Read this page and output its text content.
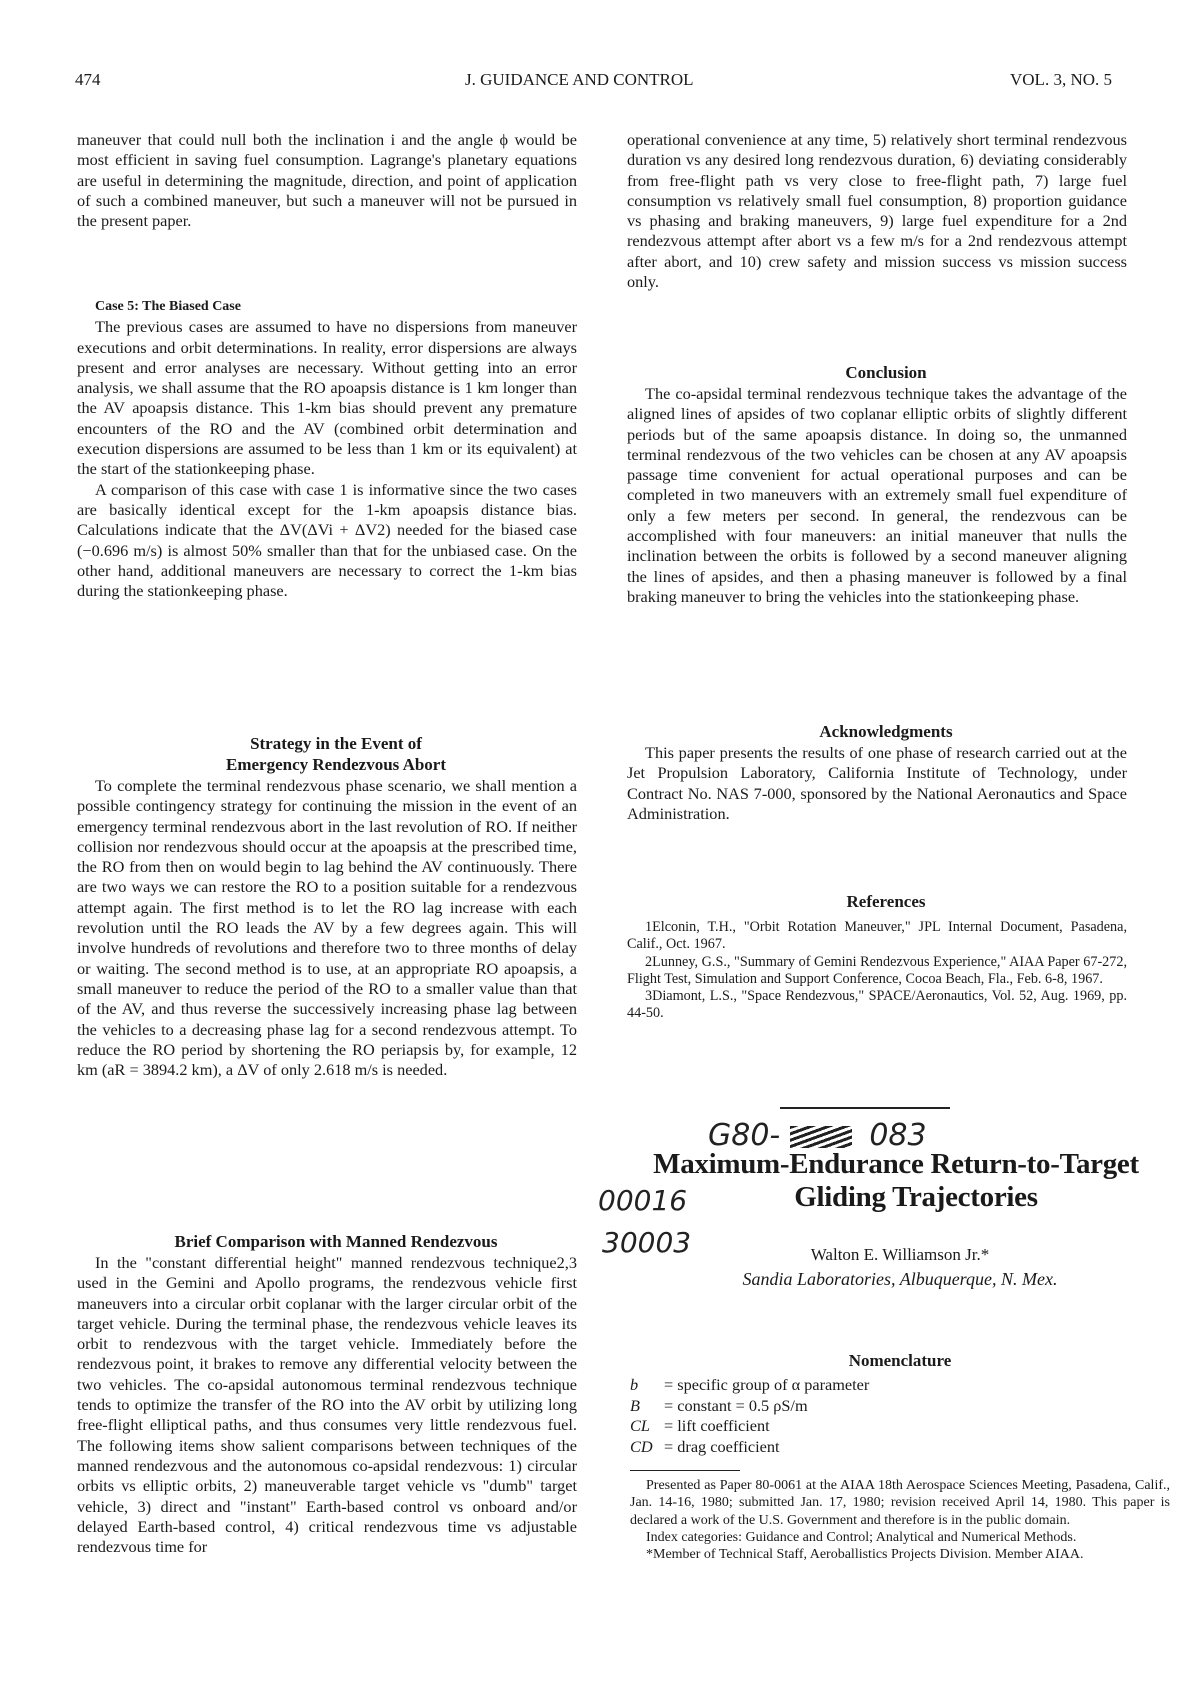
474	J. GUIDANCE AND CONTROL	VOL. 3, NO. 5

maneuver that could null both the inclination i and the angle ϕ would be most efficient in saving fuel consumption. Lagrange's planetary equations are useful in determining the magnitude, direction, and point of application of such a combined maneuver, but such a maneuver will not be pursued in the present paper.

Case 5: The Biased Case

The previous cases are assumed to have no dispersions from maneuver executions and orbit determinations. In reality, error dispersions are always present and error analyses are necessary. Without getting into an error analysis, we shall assume that the RO apoapsis distance is 1 km longer than the AV apoapsis distance. This 1-km bias should prevent any premature encounters of the RO and the AV (combined orbit determination and execution dispersions are assumed to be less than 1 km or its equivalent) at the start of the stationkeeping phase.

A comparison of this case with case 1 is informative since the two cases are basically identical except for the 1-km apoapsis distance bias. Calculations indicate that the ΔV(ΔVi + ΔV2) needed for the biased case (−0.696 m/s) is almost 50% smaller than that for the unbiased case. On the other hand, additional maneuvers are necessary to correct the 1-km bias during the stationkeeping phase.

Strategy in the Event of

Emergency Rendezvous Abort

To complete the terminal rendezvous phase scenario, we shall mention a possible contingency strategy for continuing the mission in the event of an emergency terminal rendezvous abort in the last revolution of RO. If neither collision nor rendezvous should occur at the apoapsis at the prescribed time, the RO from then on would begin to lag behind the AV continuously. There are two ways we can restore the RO to a position suitable for a rendezvous attempt again. The first method is to let the RO lag increase with each revolution until the RO leads the AV by a few degrees again. This will involve hundreds of revolutions and therefore two to three months of delay or waiting. The second method is to use, at an appropriate RO apoapsis, a small maneuver to reduce the period of the RO to a smaller value than that of the AV, and thus reverse the successively increasing phase lag between the vehicles to a decreasing phase lag for a second rendezvous attempt. To reduce the RO period by shortening the RO periapsis by, for example, 12 km (aR = 3894.2 km), a ΔV of only 2.618 m/s is needed.

Brief Comparison with Manned Rendezvous

In the "constant differential height" manned rendezvous technique2,3 used in the Gemini and Apollo programs, the rendezvous vehicle first maneuvers into a circular orbit coplanar with the larger circular orbit of the target vehicle. During the terminal phase, the rendezvous vehicle leaves its orbit to rendezvous with the target vehicle. Immediately before the rendezvous point, it brakes to remove any differential velocity between the two vehicles. The co-apsidal autonomous terminal rendezvous technique tends to optimize the transfer of the RO into the AV orbit by utilizing long free-flight elliptical paths, and thus consumes very little rendezvous fuel. The following items show salient comparisons between techniques of the manned rendezvous and the autonomous co-apsidal rendezvous: 1) circular orbits vs elliptic orbits, 2) maneuverable target vehicle vs "dumb" target vehicle, 3) direct and "instant" Earth-based control vs onboard and/or delayed Earth-based control, 4) critical rendezvous time vs adjustable rendezvous time for

operational convenience at any time, 5) relatively short terminal rendezvous duration vs any desired long rendezvous duration, 6) deviating considerably from free-flight path vs very close to free-flight path, 7) large fuel consumption vs relatively small fuel consumption, 8) proportion guidance vs phasing and braking maneuvers, 9) large fuel expenditure for a 2nd rendezvous attempt after abort vs a few m/s for a 2nd rendezvous attempt after abort, and 10) crew safety and mission success vs mission success only.

Conclusion

The co-apsidal terminal rendezvous technique takes the advantage of the aligned lines of apsides of two coplanar elliptic orbits of slightly different periods but of the same apoapsis distance. In doing so, the unmanned terminal rendezvous of the two vehicles can be chosen at any AV apoapsis passage time convenient for actual operational purposes and can be completed in two maneuvers with an extremely small fuel expenditure of only a few meters per second. In general, the rendezvous can be accomplished with four maneuvers: an initial maneuver that nulls the inclination between the orbits is followed by a second maneuver aligning the lines of apsides, and then a phasing maneuver is followed by a final braking maneuver to bring the vehicles into the stationkeeping phase.

Acknowledgments

This paper presents the results of one phase of research carried out at the Jet Propulsion Laboratory, California Institute of Technology, under Contract No. NAS 7-000, sponsored by the National Aeronautics and Space Administration.

References

1Elconin, T.H., "Orbit Rotation Maneuver," JPL Internal Document, Pasadena, Calif., Oct. 1967.

2Lunney, G.S., "Summary of Gemini Rendezvous Experience," AIAA Paper 67-272, Flight Test, Simulation and Support Conference, Cocoa Beach, Fla., Feb. 6-8, 1967.

3Diamont, L.S., "Space Rendezvous," SPACE/Aeronautics, Vol. 52, Aug. 1969, pp. 44-50.

G80-	083
00016
30003
Maximum-Endurance Return-to-Target
Gliding Trajectories
Walton E. Williamson Jr.*
Sandia Laboratories, Albuquerque, N. Mex.

Nomenclature

b	= specific group of α parameter
B	= constant = 0.5 ρS/m
CL = lift coefficient
CD = drag coefficient

Presented as Paper 80-0061 at the AIAA 18th Aerospace Sciences Meeting, Pasadena, Calif., Jan. 14-16, 1980; submitted Jan. 17, 1980; revision received April 14, 1980. This paper is declared a work of the U.S. Government and therefore is in the public domain.

Index categories: Guidance and Control; Analytical and Numerical Methods.

*Member of Technical Staff, Aeroballistics Projects Division. Member AIAA.
